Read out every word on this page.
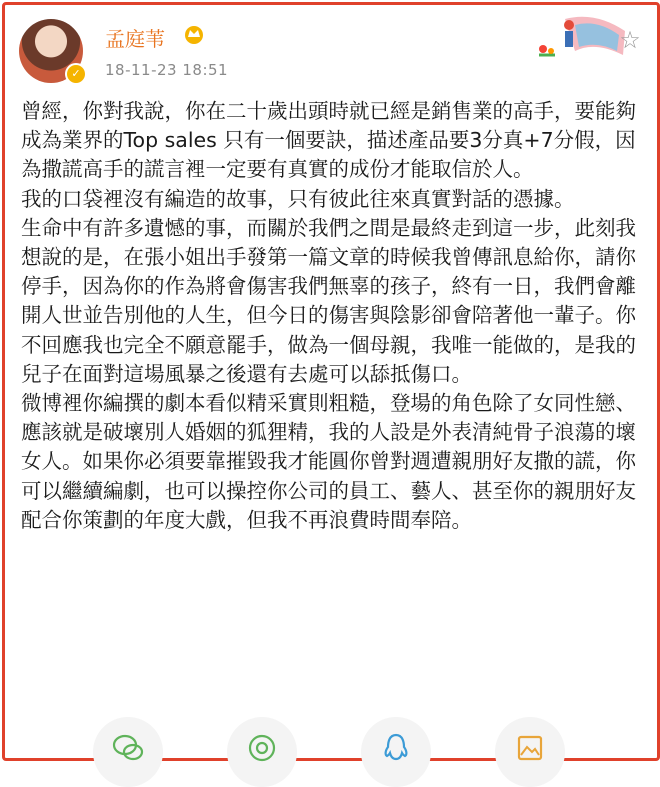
✓
孟庭苇
18-11-23 18:51
☆

曾經，你對我說，你在二十歲出頭時就已經是銷售業的高手，要能夠成為業界的Top sales 只有一個要訣，描述產品要3分真+7分假，因為撒謊高手的謊言裡一定要有真實的成份才能取信於人。

我的口袋裡沒有編造的故事，只有彼此往來真實對話的憑據。

生命中有許多遺憾的事，而關於我們之間是最終走到這一步，此刻我想說的是，在張小姐出手發第一篇文章的時候我曾傳訊息給你，請你停手，因為你的作為將會傷害我們無辜的孩子，終有一日，我們會離開人世並告別他的人生，但今日的傷害與陰影卻會陪著他一輩子。你不回應我也完全不願意罷手，做為一個母親，我唯一能做的，是我的兒子在面對這場風暴之後還有去處可以舔抵傷口。

微博裡你編撰的劇本看似精采實則粗糙，登場的角色除了女同性戀、應該就是破壞別人婚姻的狐狸精，我的人設是外表清純骨子浪蕩的壞女人。如果你必須要靠摧毀我才能圓你曾對週遭親朋好友撒的謊，你可以繼續編劇，也可以操控你公司的員工、藝人、甚至你的親朋好友配合你策劃的年度大戲，但我不再浪費時間奉陪。
